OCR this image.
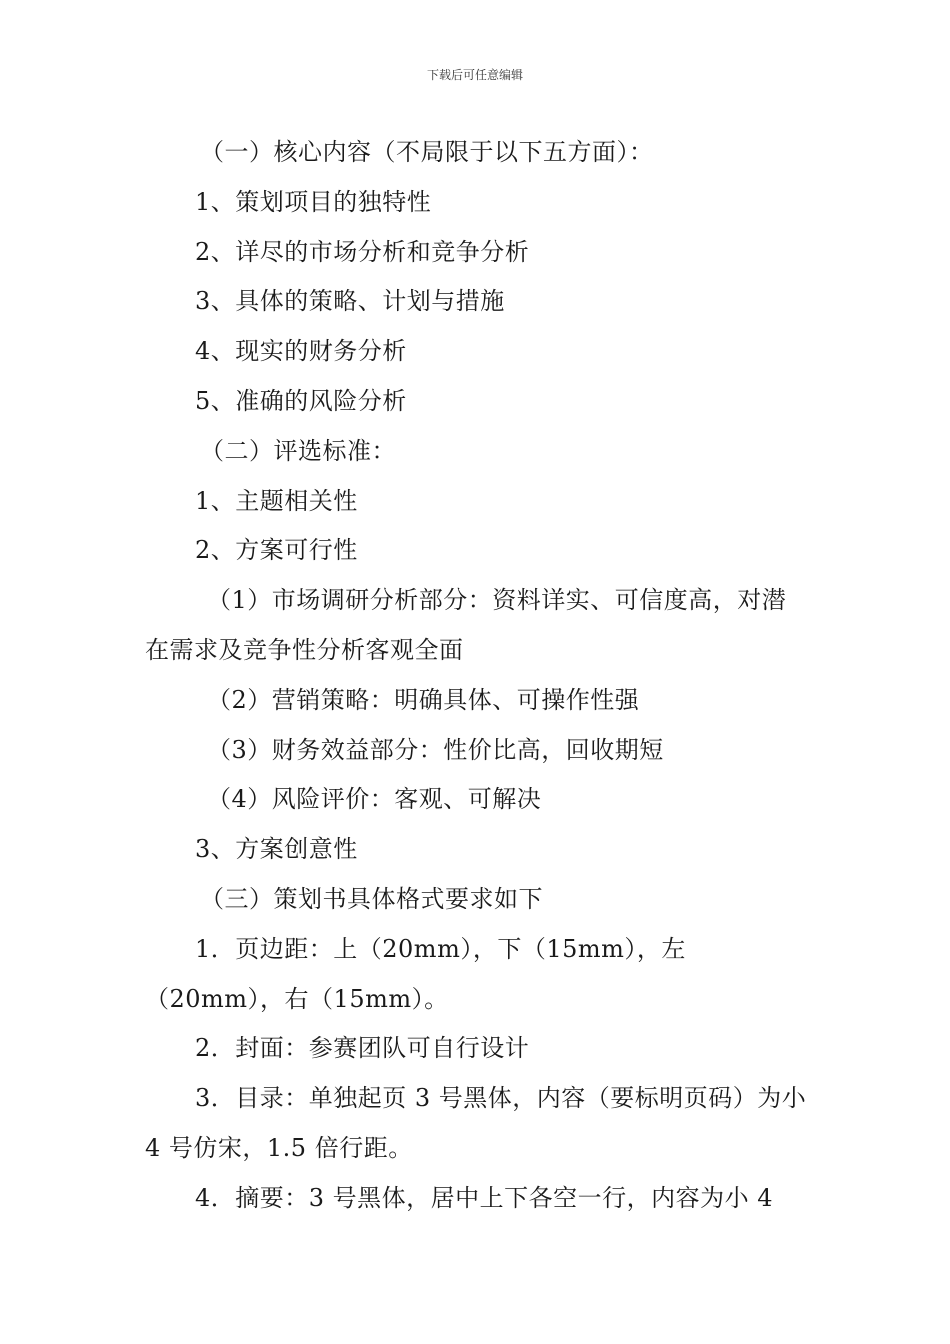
下载后可任意编辑
（一）核心内容（不局限于以下五方面）：
1、策划项目的独特性
2、详尽的市场分析和竞争分析
3、具体的策略、计划与措施
4、现实的财务分析
5、准确的风险分析
（二）评选标准：
1、主题相关性
2、方案可行性
（1）市场调研分析部分：资料详实、可信度高，对潜在需求及竞争性分析客观全面
（2）营销策略：明确具体、可操作性强
（3）财务效益部分：性价比高，回收期短
（4）风险评价：客观、可解决
3、方案创意性
（三）策划书具体格式要求如下
1．页边距：上（20mm），下（15mm），左（20mm），右（15mm）。
2．封面：参赛团队可自行设计
3．目录：单独起页 3 号黑体，内容（要标明页码）为小 4 号仿宋，1.5 倍行距。
4．摘要：3 号黑体，居中上下各空一行，内容为小 4
